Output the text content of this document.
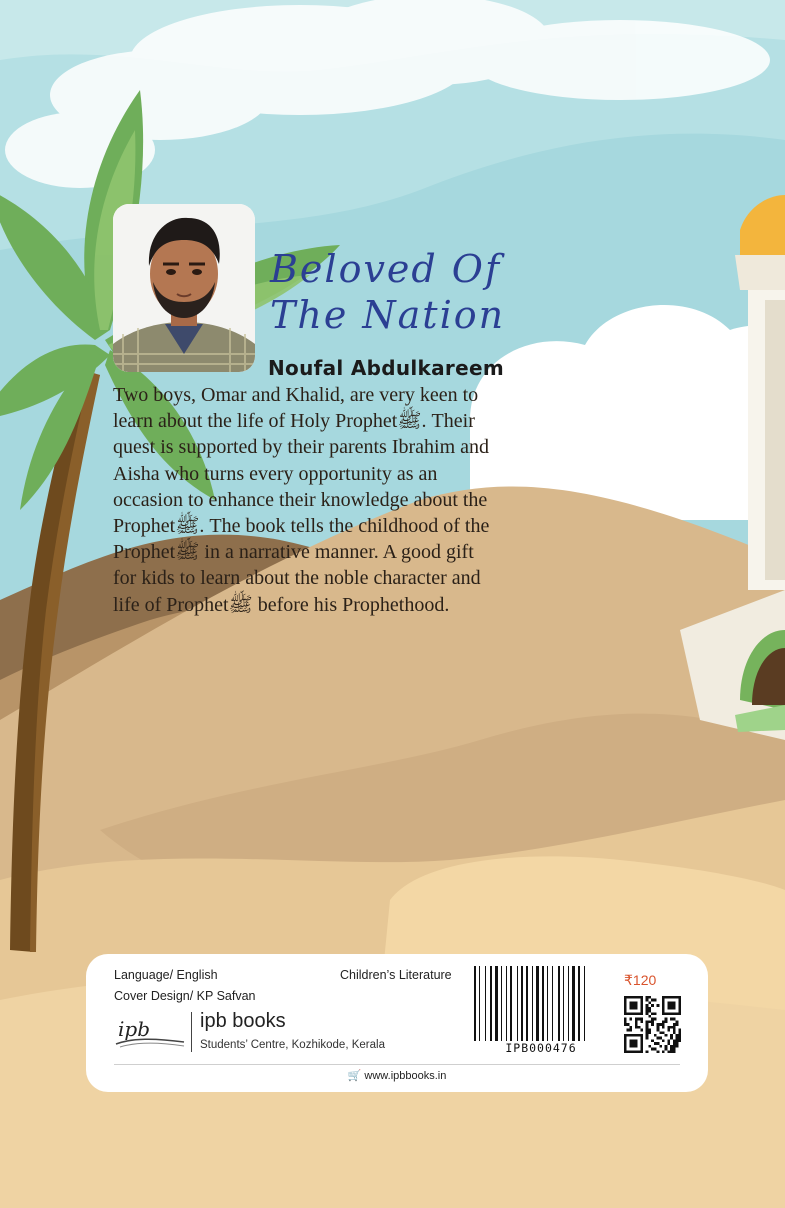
Beloved Of
The Nation
Noufal Abdulkareem
Two boys, Omar and Khalid, are very keen to learn about the life of Holy Prophetﷺ. Their quest is supported by their parents Ibrahim and Aisha who turns every opportunity as an occasion to enhance their knowledge about the Prophetﷺ. The book tells the childhood of the Prophetﷺ in a narrative manner. A good gift for kids to learn about the noble character and life of Prophetﷺ before his Prophethood.
Language/ English
Cover Design/ KP Safvan
Children’s Literature
ipb ipb books
Students’ Centre, Kozhikode, Kerala	IPB000476
₹120
🛒 www.ipbbooks.in
